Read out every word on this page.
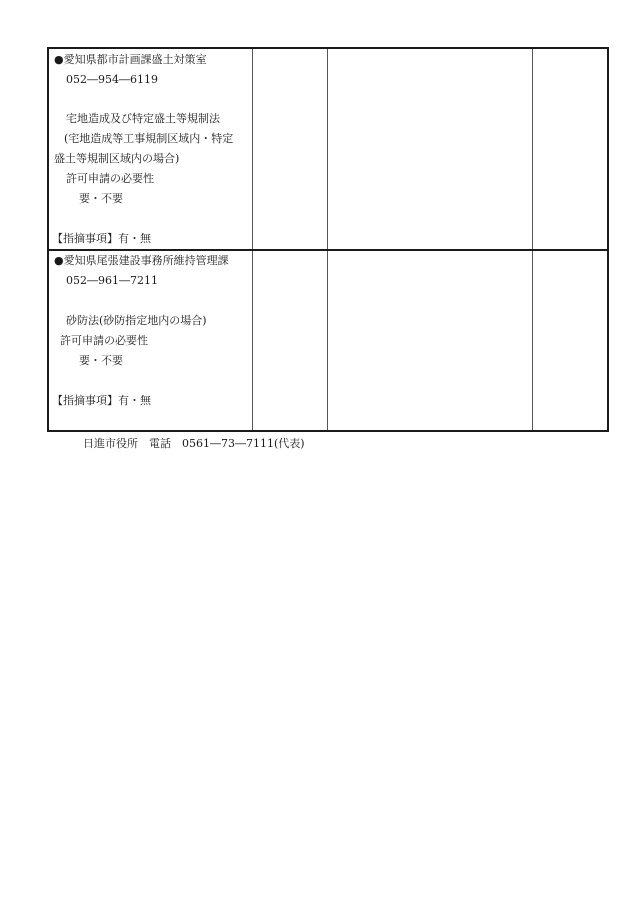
●愛知県都市計画課盛土対策室
052―954―6119
宅地造成及び特定盛土等規制法
(宅地造成等工事規制区域内・特定
盛土等規制区域内の場合)
許可申請の必要性
要・不要
【指摘事項】有・無
●愛知県尾張建設事務所維持管理課
052―961―7211
砂防法(砂防指定地内の場合)
許可申請の必要性
要・不要
【指摘事項】有・無
日進市役所　電話　0561―73―7111(代表)
